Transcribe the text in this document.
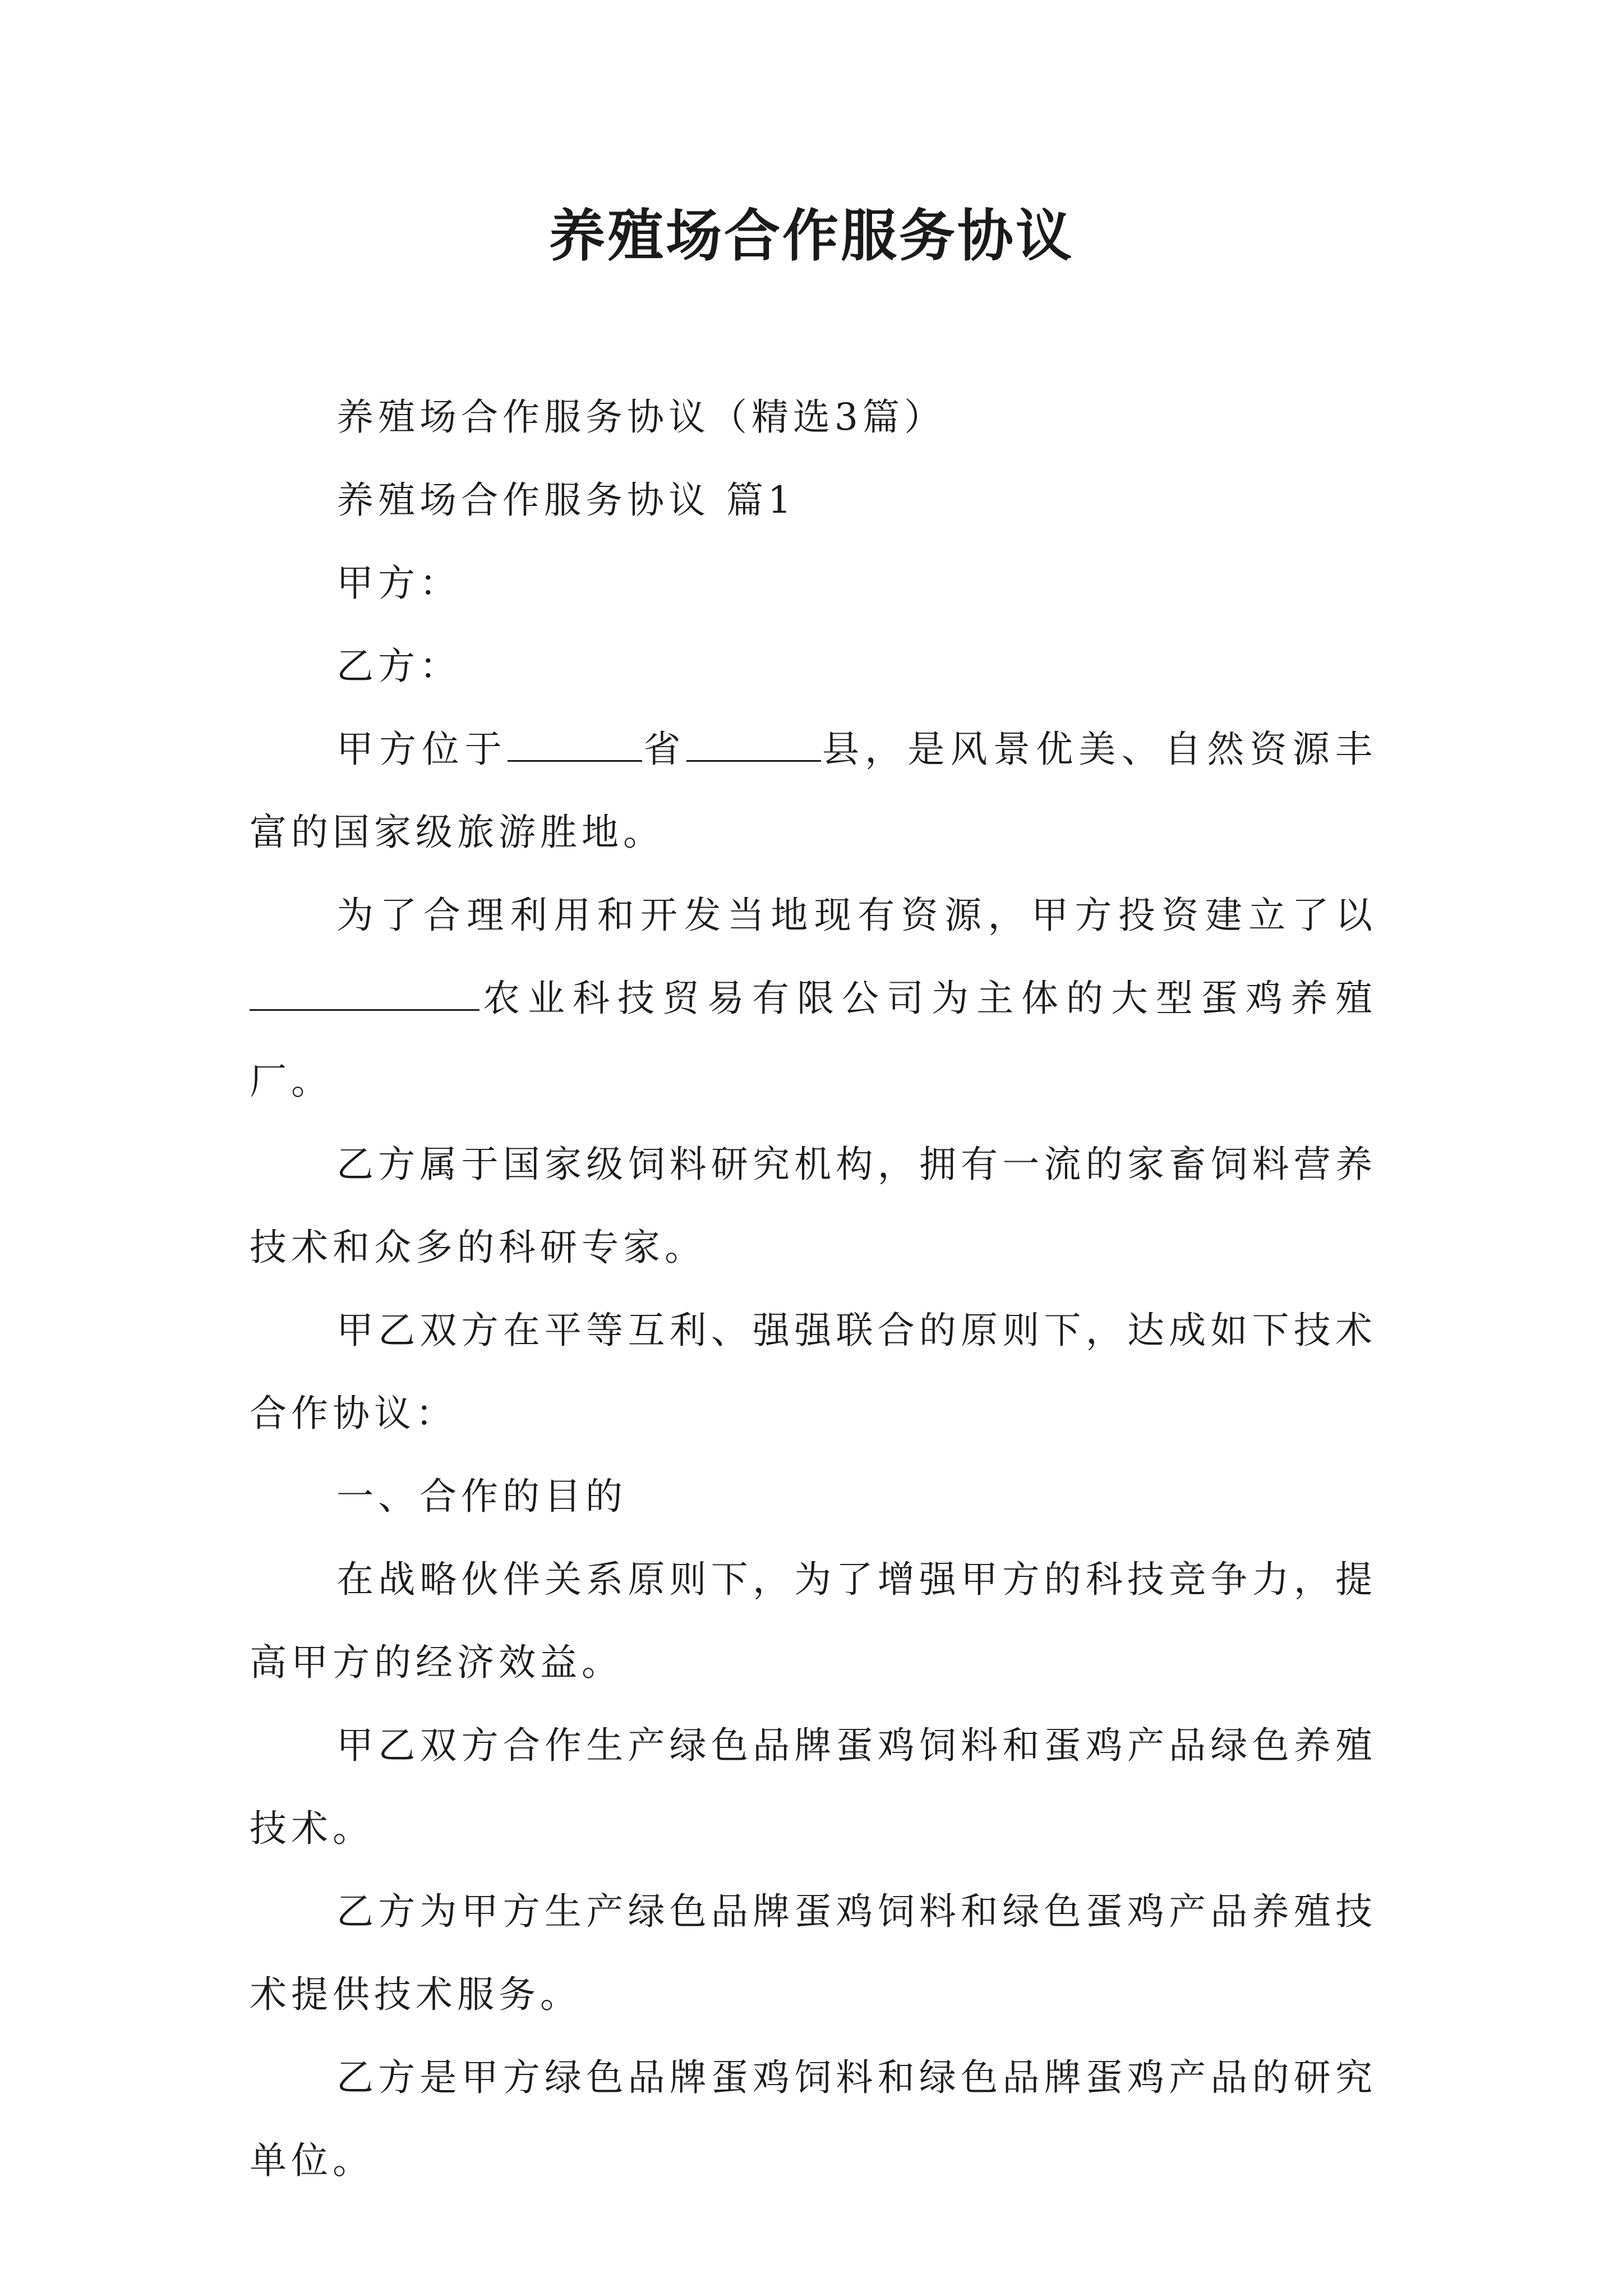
养殖场合作服务协议

养殖场合作服务协议（精选3篇）

养殖场合作服务协议 篇1

甲方：

乙方：

甲方位于	省	县，是风景优美、自然资源丰富的国家级旅游胜地。

为了合理利用和开发当地现有资源，甲方投资建立了以农业科技贸易有限公司为主体的大型蛋鸡养殖厂。

乙方属于国家级饲料研究机构，拥有一流的家畜饲料营养技术和众多的科研专家。

甲乙双方在平等互利、强强联合的原则下，达成如下技术合作协议：

一、合作的目的

在战略伙伴关系原则下，为了增强甲方的科技竞争力，提高甲方的经济效益。

甲乙双方合作生产绿色品牌蛋鸡饲料和蛋鸡产品绿色养殖技术。

乙方为甲方生产绿色品牌蛋鸡饲料和绿色蛋鸡产品养殖技术提供技术服务。

乙方是甲方绿色品牌蛋鸡饲料和绿色品牌蛋鸡产品的研究单位。
